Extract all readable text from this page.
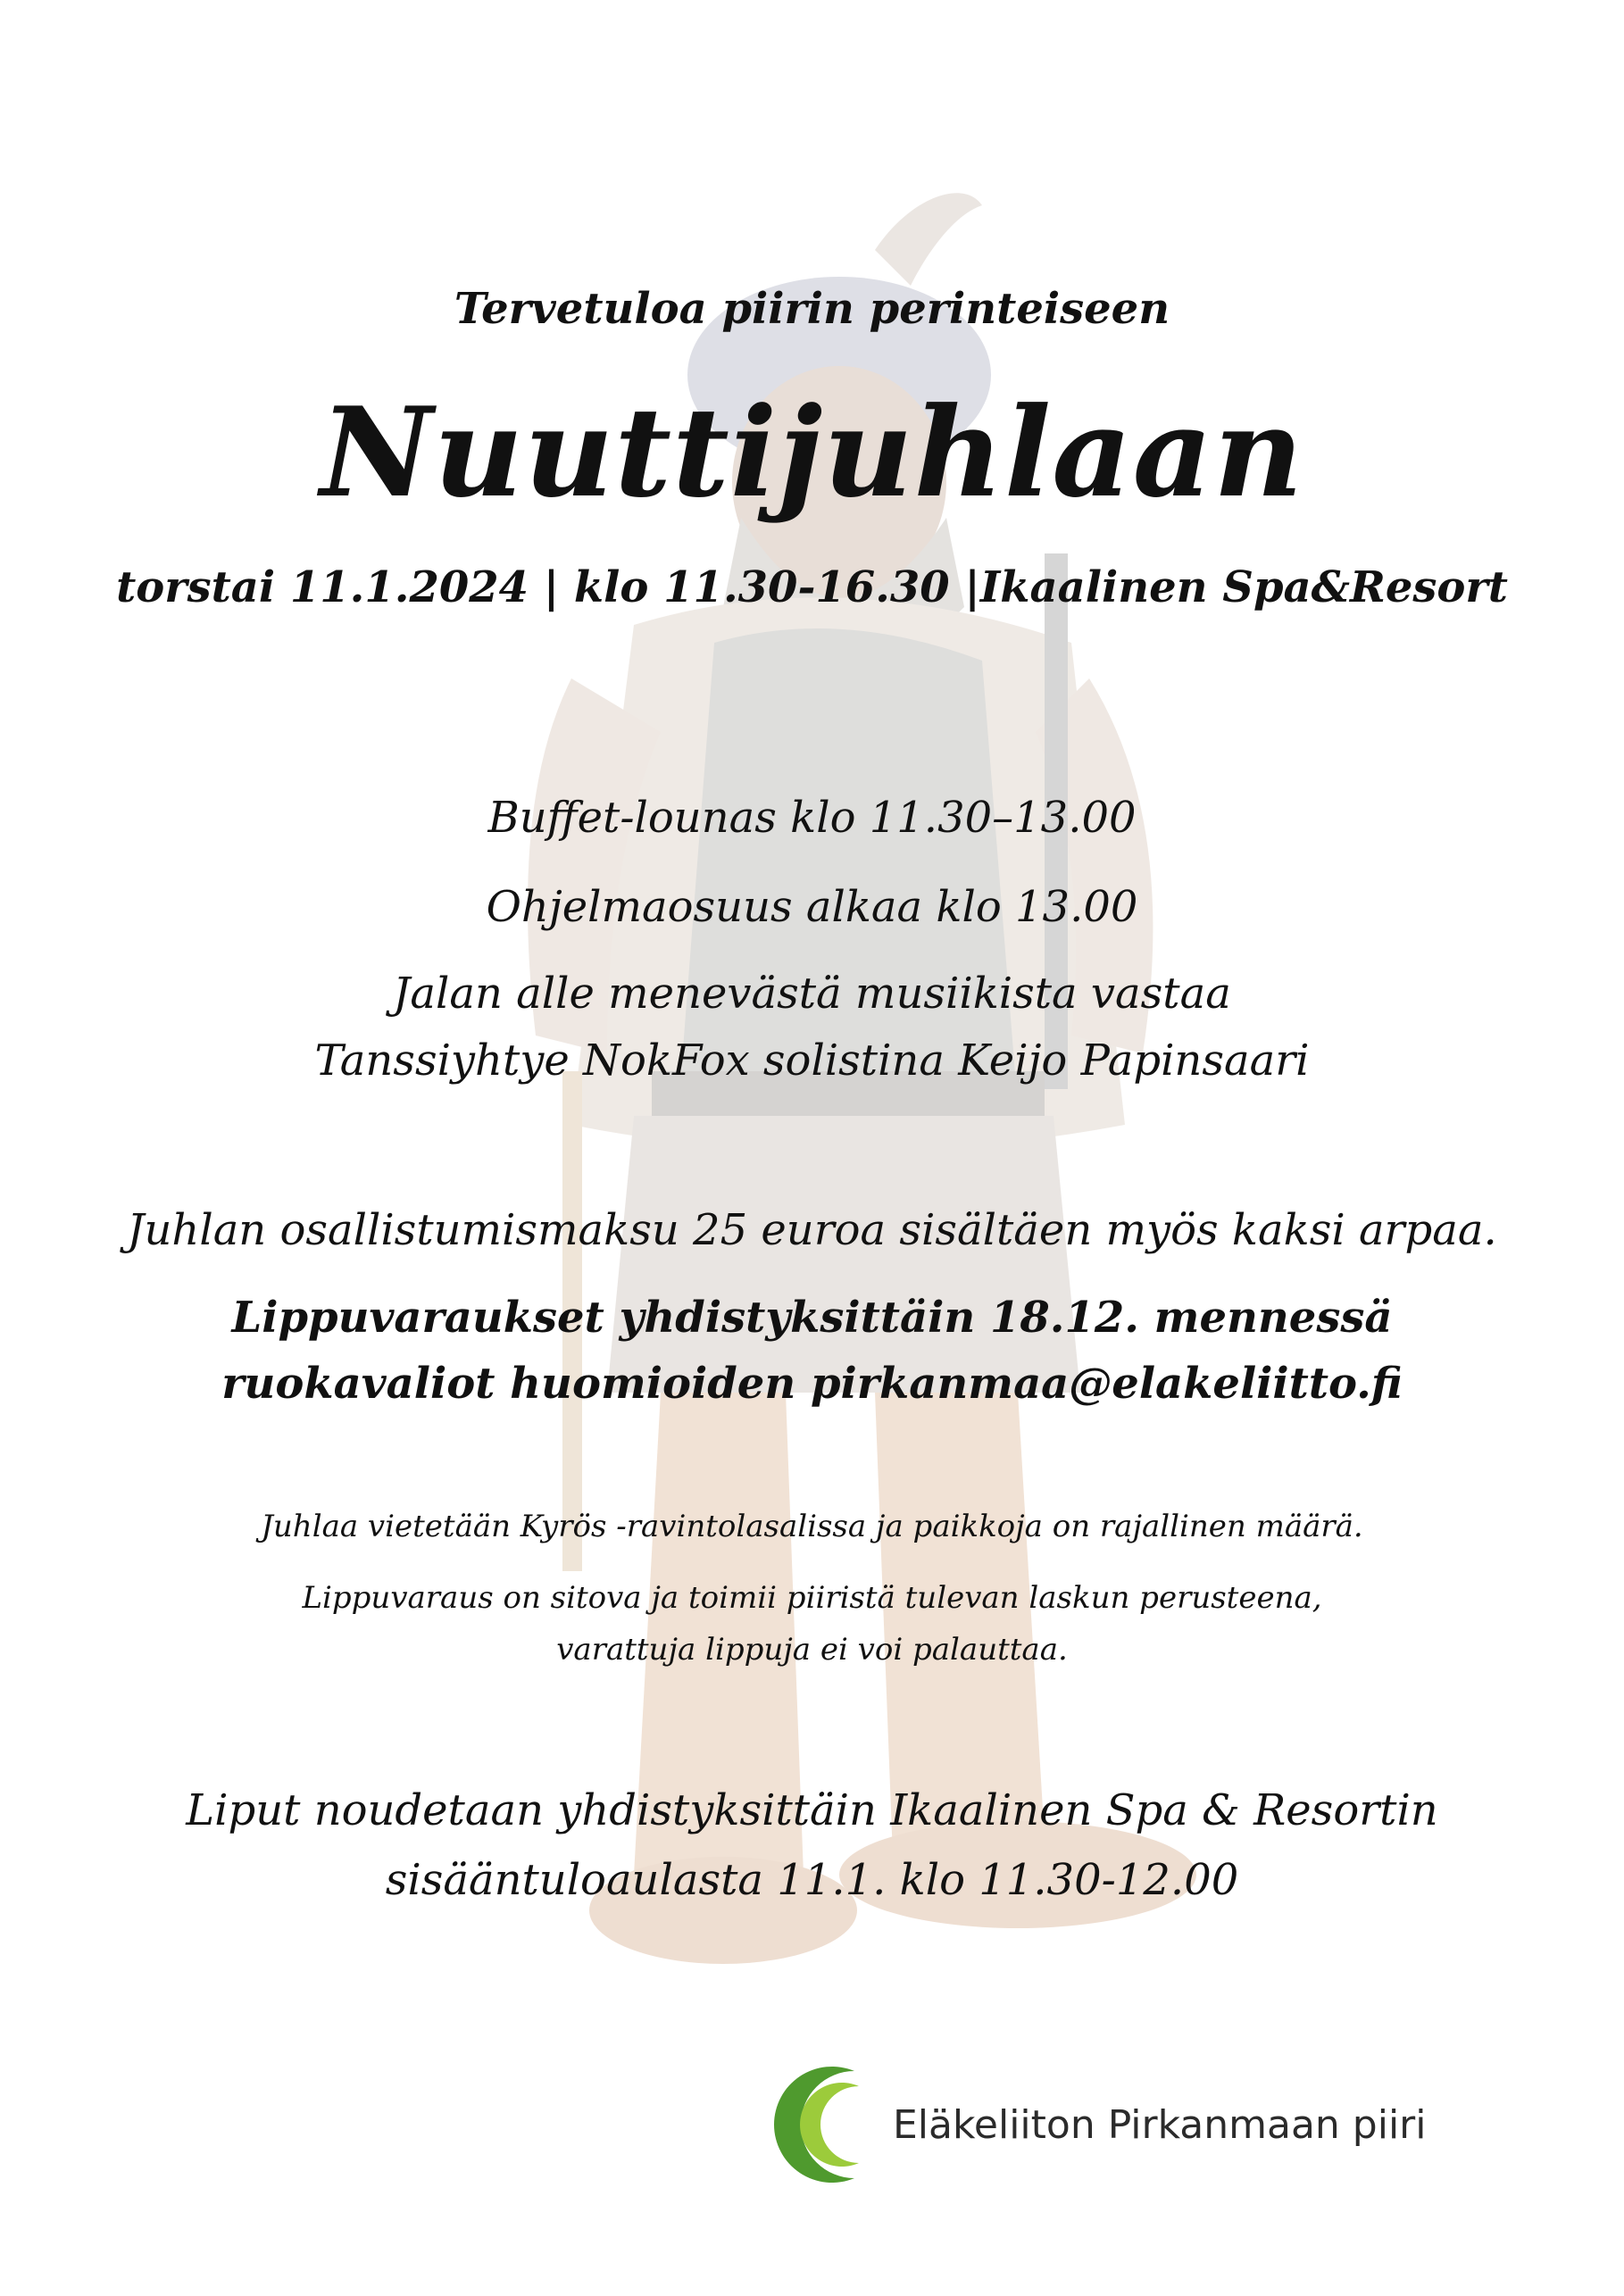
Tervetuloa piirin perinteiseen
Nuuttijuhlaan
torstai 11.1.2024 | klo 11.30-16.30 |Ikaalinen Spa&Resort
Buffet-lounas klo 11.30–13.00
Ohjelmaosuus alkaa klo 13.00
Jalan alle menevästä musiikista vastaa
Tanssiyhtye NokFox solistina Keijo Papinsaari
Juhlan osallistumismaksu 25 euroa sisältäen myös kaksi arpaa.
Lippuvaraukset yhdistyksittäin 18.12. mennessä
ruokavaliot huomioiden pirkanmaa@elakeliitto.fi
Juhlaa vietetään Kyrös -ravintolasalissa ja paikkoja on rajallinen määrä.
Lippuvaraus on sitova ja toimii piiristä tulevan laskun perusteena,
varattuja lippuja ei voi palauttaa.
Liput noudetaan yhdistyksittäin Ikaalinen Spa & Resortin
sisääntuloaulasta 11.1. klo 11.30-12.00
Eläkeliiton Pirkanmaan piiri
